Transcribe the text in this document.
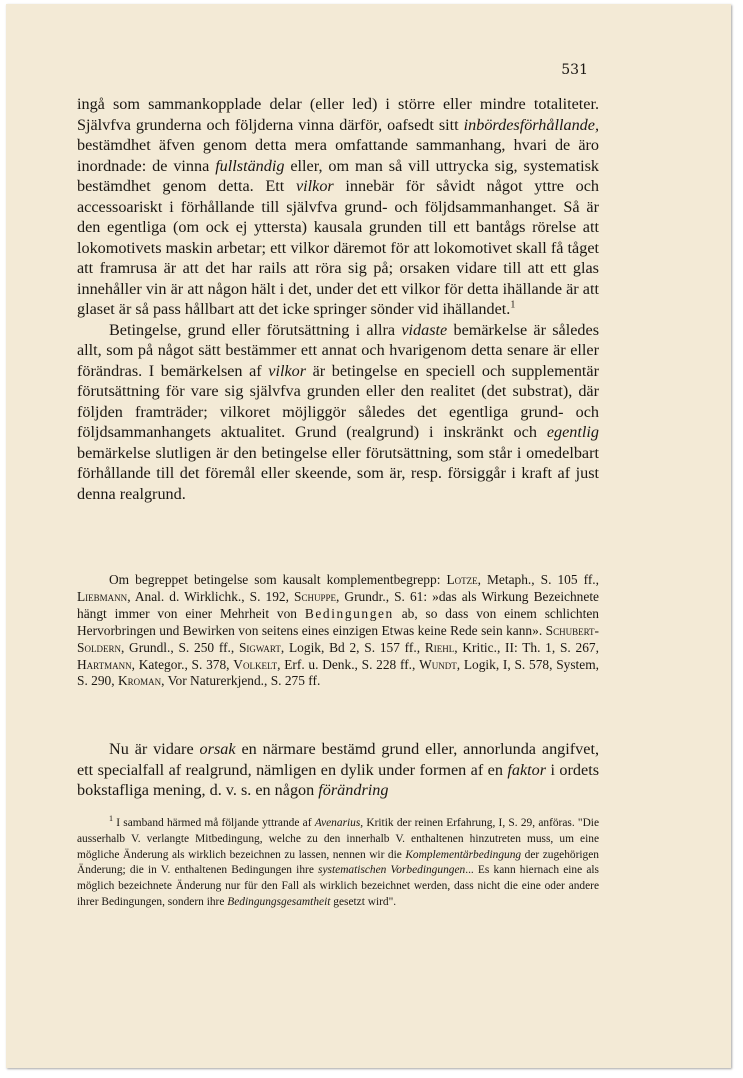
531

ingå som sammankopplade delar (eller led) i större eller mindre totaliteter. Självfva grunderna och följderna vinna därför, oafsedt sitt inbördesförhållande, bestämdhet äfven genom detta mera omfattande sammanhang, hvari de äro inordnade: de vinna fullständig eller, om man så vill uttrycka sig, systematisk bestämdhet genom detta. Ett vilkor innebär för såvidt något yttre och accessoariskt i förhållande till självfva grund- och följdsammanhanget. Så är den egentliga (om ock ej yttersta) kausala grunden till ett bantågs rörelse att lokomotivets maskin arbetar; ett vilkor däremot för att lokomotivet skall få tåget att framrusa är att det har rails att röra sig på; orsaken vidare till att ett glas innehåller vin är att någon hält i det, under det ett vilkor för detta ihällande är att glaset är så pass hållbart att det icke springer sönder vid ihällandet.$^1$

Betingelse, grund eller förutsättning i allra vidaste bemärkelse är således allt, som på något sätt bestämmer ett annat och hvarigenom detta senare är eller förändras. I bemärkelsen af vilkor är betingelse en speciell och supplementär förutsättning för vare sig självfva grunden eller den realitet (det substrat), där följden framträder; vilkoret möjliggör således det egentliga grund- och följdsammanhangets aktualitet. Grund (realgrund) i inskränkt och egentlig bemärkelse slutligen är den betingelse eller förutsättning, som står i omedelbart förhållande till det föremål eller skeende, som är, resp. försiggår i kraft af just denna realgrund.

Om begreppet betingelse som kausalt komplementbegrepp: Lotze, Metaph., S. 105 ff., Liebmann, Anal. d. Wirklichk., S. 192, Schuppe, Grundr., S. 61: »das als Wirkung Bezeichnete hängt immer von einer Mehrheit von Bedingungen ab, so dass von einem schlichten Hervorbringen und Bewirken von seitens eines einzigen Etwas keine Rede sein kann». Schubert-Soldern, Grundl., S. 250 ff., Sigwart, Logik, Bd 2, S. 157 ff., Riehl, Kritic., II: Th. 1, S. 267, Hartmann, Kategor., S. 378, Volkelt, Erf. u. Denk., S. 228 ff., Wundt, Logik, I, S. 578, System, S. 290, Kroman, Vor Naturerkjend., S. 275 ff.

Nu är vidare orsak en närmare bestämd grund eller, annorlunda angifvet, ett specialfall af realgrund, nämligen en dylik under formen af en faktor i ordets bokstafliga mening, d. v. s. en någon förändring

$^1$ I samband härmed må följande yttrande af Avenarius, Kritik der reinen Erfahrung, I, S. 29, anföras. "Die ausserhalb V. verlangte Mitbedingung, welche zu den innerhalb V. enthaltenen hinzutreten muss, um eine mögliche Änderung als wirklich bezeichnen zu lassen, nennen wir die Komplementärbedingung der zugehörigen Änderung; die in V. enthaltenen Bedingungen ihre systematischen Vorbedingungen... Es kann hiernach eine als möglich bezeichnete Änderung nur für den Fall als wirklich bezeichnet werden, dass nicht die eine oder andere ihrer Bedingungen, sondern ihre Bedingungsgesamtheit gesetzt wird".
